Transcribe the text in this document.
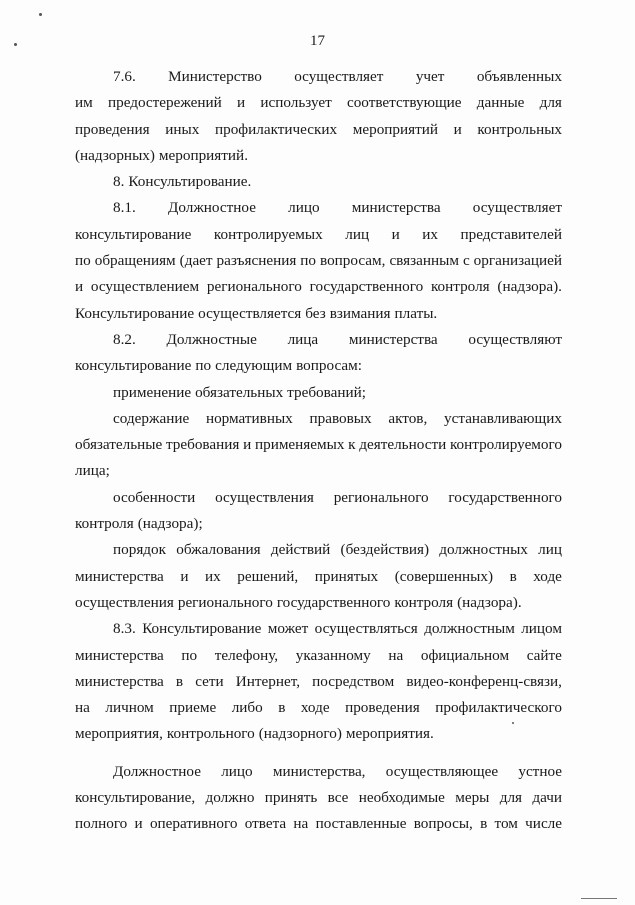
17
7.6. Министерство осуществляет учет объявленных
им предостережений и использует соответствующие данные для
проведения иных профилактических мероприятий и контрольных
(надзорных) мероприятий.
8. Консультирование.
8.1. Должностное лицо министерства осуществляет
консультирование контролируемых лиц и их представителей
по обращениям (дает разъяснения по вопросам, связанным с организацией
и осуществлением регионального государственного контроля (надзора).
Консультирование осуществляется без взимания платы.
8.2. Должностные лица министерства осуществляют
консультирование по следующим вопросам:
применение обязательных требований;
содержание нормативных правовых актов, устанавливающих
обязательные требования и применяемых к деятельности контролируемого
лица;
особенности осуществления регионального государственного
контроля (надзора);
порядок обжалования действий (бездействия) должностных лиц
министерства и их решений, принятых (совершенных) в ходе
осуществления регионального государственного контроля (надзора).
8.3. Консультирование может осуществляться должностным лицом
министерства по телефону, указанному на официальном сайте
министерства в сети Интернет, посредством видео-конференц-связи,
на личном приеме либо в ходе проведения профилактического
мероприятия, контрольного (надзорного) мероприятия.
Должностное лицо министерства, осуществляющее устное
консультирование, должно принять все необходимые меры для дачи
полного и оперативного ответа на поставленные вопросы, в том числе
